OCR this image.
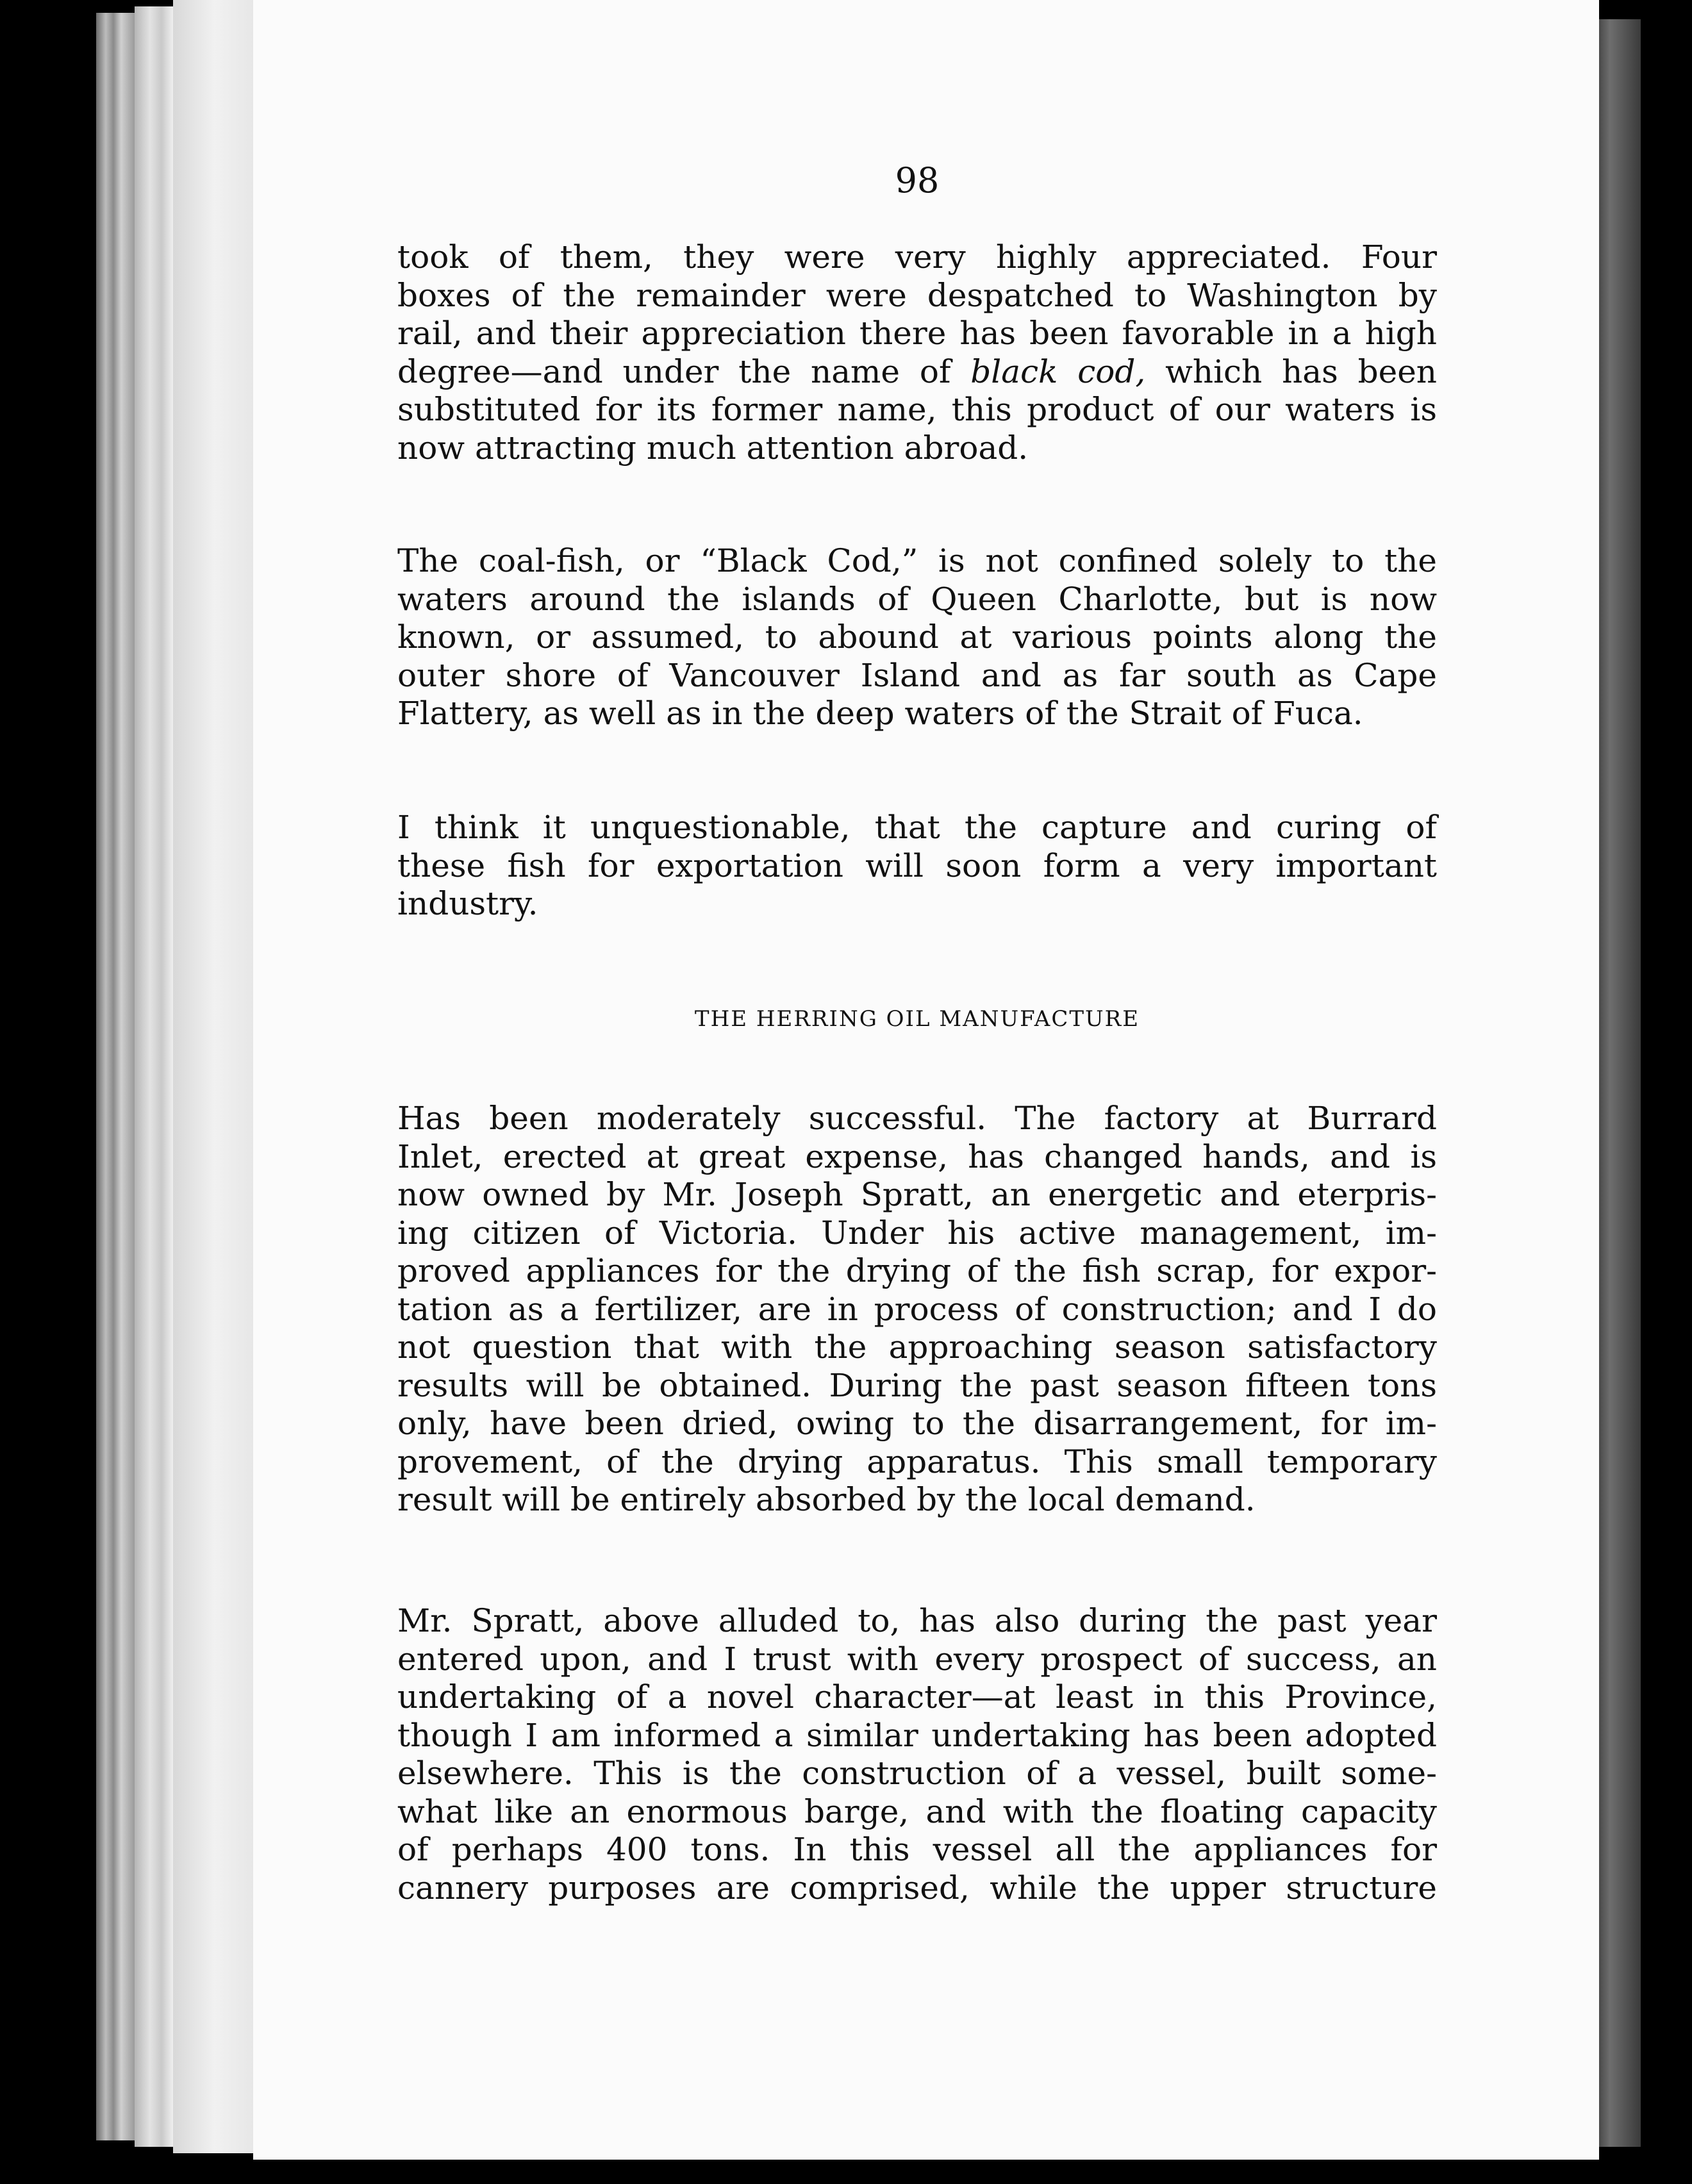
98

took of them, they were very highly appreciated. Four
boxes of the remainder were despatched to Washington by
rail, and their appreciation there has been favorable in a high
degree—and under the name of black cod, which has been
substituted for its former name, this product of our waters is
now attracting much attention abroad.

The coal-fish, or “Black Cod,” is not confined solely to the
waters around the islands of Queen Charlotte, but is now
known, or assumed, to abound at various points along the
outer shore of Vancouver Island and as far south as Cape
Flattery, as well as in the deep waters of the Strait of Fuca.

I think it unquestionable, that the capture and curing of
these fish for exportation will soon form a very important
industry.

THE HERRING OIL MANUFACTURE

Has been moderately successful. The factory at Burrard
Inlet, erected at great expense, has changed hands, and is
now owned by Mr. Joseph Spratt, an energetic and eterpris-
ing citizen of Victoria. Under his active management, im-
proved appliances for the drying of the fish scrap, for expor-
tation as a fertilizer, are in process of construction; and I do
not question that with the approaching season satisfactory
results will be obtained. During the past season fifteen tons
only, have been dried, owing to the disarrangement, for im-
provement, of the drying apparatus. This small temporary
result will be entirely absorbed by the local demand.

Mr. Spratt, above alluded to, has also during the past year
entered upon, and I trust with every prospect of success, an
undertaking of a novel character—at least in this Province,
though I am informed a similar undertaking has been adopted
elsewhere. This is the construction of a vessel, built some-
what like an enormous barge, and with the floating capacity
of perhaps 400 tons. In this vessel all the appliances for
cannery purposes are comprised, while the upper structure
